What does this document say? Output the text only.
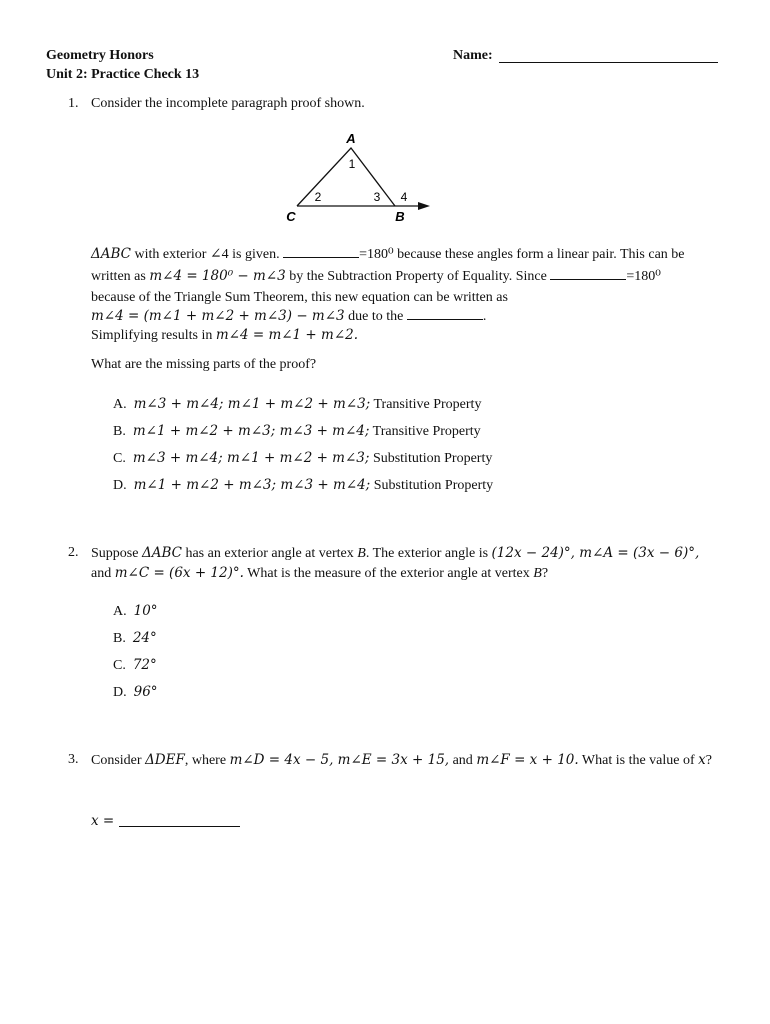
Geometry Honors
Unit 2: Practice Check 13
Name:
1. Consider the incomplete paragraph proof shown.
A
1
2	3 4
C	B
ΔABC with exterior ∠4 is given.	=180⁰ because these angles form a linear pair. This can be
written as m∠4 = 180⁰ − m∠3 by the Subtraction Property of Equality. Since	=180⁰
because of the Triangle Sum Theorem, this new equation can be written as
m∠4 = (m∠1 + m∠2 + m∠3) − m∠3 due to the	.
Simplifying results in m∠4 = m∠1 + m∠2.
What are the missing parts of the proof?
A. m∠3 + m∠4; m∠1 + m∠2 + m∠3; Transitive Property
B. m∠1 + m∠2 + m∠3; m∠3 + m∠4; Transitive Property
C. m∠3 + m∠4; m∠1 + m∠2 + m∠3; Substitution Property
D. m∠1 + m∠2 + m∠3; m∠3 + m∠4; Substitution Property
2. Suppose ΔABC has an exterior angle at vertex B. The exterior angle is (12x − 24)°, m∠A = (3x − 6)°,
and m∠C = (6x + 12)°. What is the measure of the exterior angle at vertex B?
A. 10°
B. 24°
C. 72°
D. 96°
3. Consider ΔDEF, where m∠D = 4x − 5, m∠E = 3x + 15, and m∠F = x + 10. What is the value of x?
x =
